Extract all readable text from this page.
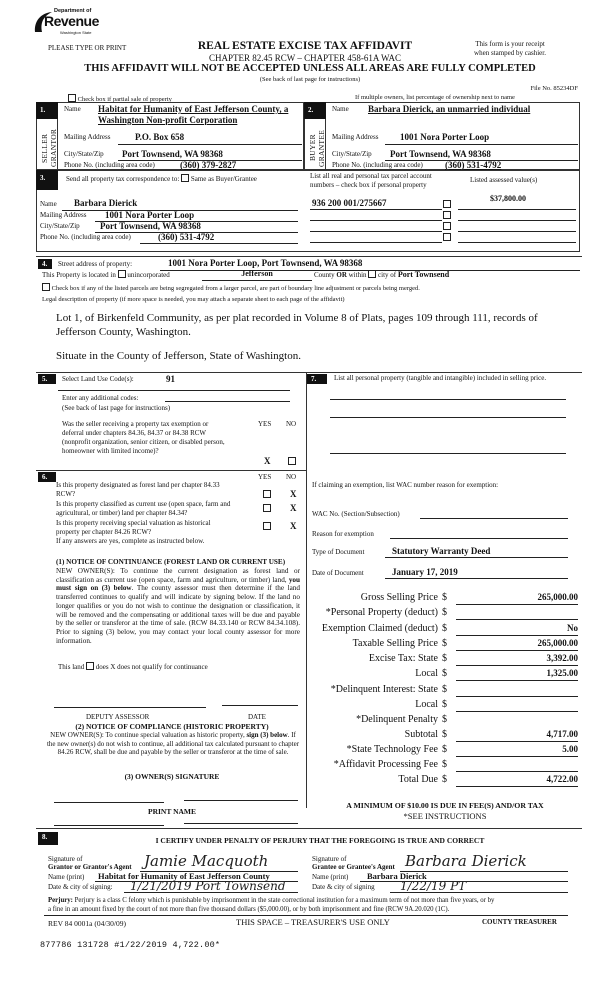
Department of
Revenue
Washington State
PLEASE TYPE OR PRINT	REAL ESTATE EXCISE TAX AFFIDAVIT
CHAPTER 82.45 RCW – CHAPTER 458-61A WAC
This form is your receipt
when stamped by cashier.
THIS AFFIDAVIT WILL NOT BE ACCEPTED UNLESS ALL AREAS ARE FULLY COMPLETED
(See back of last page for instructions)
File No. 85234DF
Check box if partial sale of property	If multiple owners, list percentage of ownership next to name
1.
SELLER
GRANTOR
Name Habitat for Humanity of East Jefferson County, a
Washington Non-profit Corporation
Mailing Address	P.O. Box 658
City/State/Zip Port Townsend, WA 98368
Phone No. (including area code)	(360) 379-2827
2.
BUYER
GRANTEE
Name Barbara Dierick, an unmarried individual
Mailing Address 1001 Nora Porter Loop
City/State/Zip Port Townsend, WA 98368
Phone No. (including area code) (360) 531-4792
3.	Send all property tax correspondence to: Same as Buyer/Grantee
Name Barbara Dierick
Mailing Address 1001 Nora Porter Loop
City/State/Zip Port Townsend, WA 98368
Phone No. (including area code)	(360) 531-4792
List all real and personal tax parcel account
numbers – check box if personal property
Listed assessed value(s)
936 200 001/275667	$37,800.00
4.	Street address of property:	1001 Nora Porter Loop, Port Townsend, WA 98368
This Property is located in unincorporated	Jefferson	County OR within city of Port Townsend
Check box if any of the listed parcels are being segregated from a larger parcel, are part of boundary line adjustment or parcels being merged.
Legal description of property (if more space is needed, you may attach a separate sheet to each page of the affidavit)
Lot 1, of Birkenfeld Community, as per plat recorded in Volume 8 of Plats, pages 109 through 111, records of
Jefferson County, Washington.
Situate in the County of Jefferson, State of Washington.
5.	Select Land Use Code(s):	91
Enter any additional codes:
(See back of last page for instructions)
YES NO
Was the seller receiving a property tax exemption or
deferral under chapters 84.36, 84.37 or 84.38 RCW
(nonprofit organization, senior citizen, or disabled person,
homeowner with limited income)?
X
7.	List all personal property (tangible and intangible) included in selling price.
6.	YES NO
Is this property designated as forest land per chapter 84.33
RCW?	X
Is this property classified as current use (open space, farm and
agricultural, or timber) land per chapter 84.34?	X
Is this property receiving special valuation as historical
property per chapter 84.26 RCW?
X
If any answers are yes, complete as instructed below.
(1) NOTICE OF CONTINUANCE (FOREST LAND OR CURRENT USE)
NEW OWNER(S): To continue the current designation as forest land or classification as current use (open space, farm and agriculture, or timber) land, you must sign on (3) below. The county assessor must then determine if the land transferred continues to qualify and will indicate by signing below. If the land no longer qualifies or you do not wish to continue the designation or classification, it will be removed and the compensating or additional taxes will be due and payable by the seller or transferor at the time of sale. (RCW 84.33.140 or RCW 84.34.108). Prior to signing (3) below, you may contact your local county assessor for more information.
This land does X does not qualify for continuance
DEPUTY ASSESSOR	DATE
(2) NOTICE OF COMPLIANCE (HISTORIC PROPERTY)
NEW OWNER(S): To continue special valuation as historic property, sign (3) below. If the new owner(s) do not wish to continue, all additional tax calculated pursuant to chapter 84.26 RCW, shall be due and payable by the seller or transferor at the time of sale.
(3) OWNER(S) SIGNATURE
PRINT NAME
If claiming an exemption, list WAC number reason for exemption:
WAC No. (Section/Subsection)
Reason for exemption
Type of Document	Statutory Warranty Deed
Date of Document	January 17, 2019
Gross Selling Price $	265,000.00
*Personal Property (deduct) $
Exemption Claimed (deduct) $	No
Taxable Selling Price $	265,000.00
Excise Tax: State $	3,392.00
Local $	1,325.00
*Delinquent Interest: State $
Local $
*Delinquent Penalty $
Subtotal $	4,717.00
*State Technology Fee $	5.00
*Affidavit Processing Fee $
Total Due $	4,722.00
A MINIMUM OF $10.00 IS DUE IN FEE(S) AND/OR TAX
*SEE INSTRUCTIONS
8.	I CERTIFY UNDER PENALTY OF PERJURY THAT THE FOREGOING IS TRUE AND CORRECT
Signature of
Grantor or Grantor's Agent Jamie Macquoth
Name (print) Habitat for Humanity of East Jefferson County
Date & city of signing: 1/21/2019 Port Townsend
Signature of
Grantee or Grantee's Agent Barbara Dierick
Name (print) Barbara Dierick
Date & city of signing 1/22/19 PT
Perjury: Perjury is a class C felony which is punishable by imprisonment in the state correctional institution for a maximum term of not more than five years, or by
a fine in an amount fixed by the court of not more than five thousand dollars ($5,000.00), or by both imprisonment and fine (RCW 9A.20.020 (1C).
REV 84 0001a (04/30/09)	THIS SPACE – TREASURER'S USE ONLY	COUNTY TREASURER
877786 131728 #1/22/2019 4,722.00*
